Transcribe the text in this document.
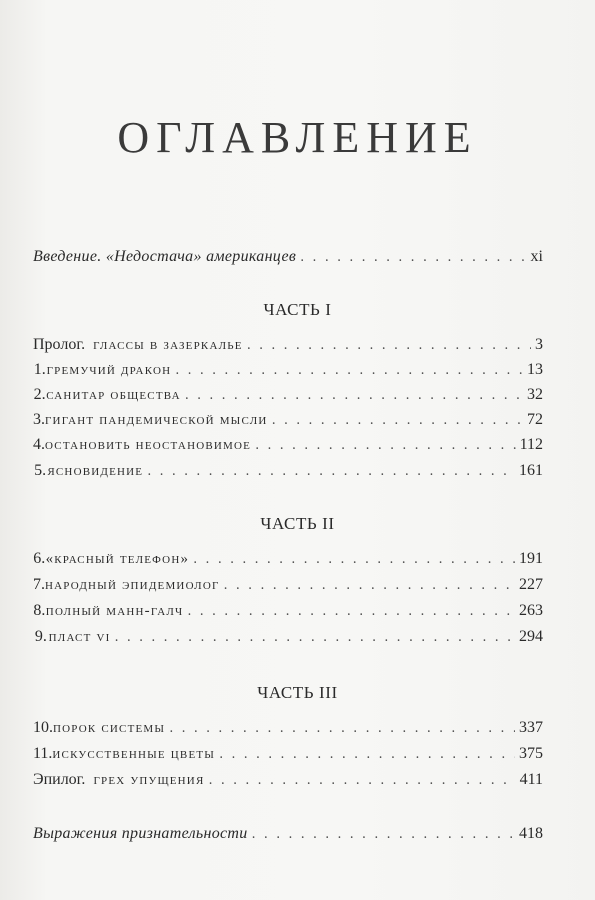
ОГЛАВЛЕНИЕ
Введение. «Недостача» американцев . . .	xi
ЧАСТЬ I
Пролог. глассы в зазеркалье . . .	3
1. гремучий дракон . . .	13
2. санитар общества . . .	32
3. гигант пандемической мысли . . .	72
4. остановить неостановимое . . .	112
5. ясновидение . . .	161
ЧАСТЬ II
6. «красный телефон» . . .	191
7. народный эпидемиолог . . .	227
8. полный манн-галч . . .	263
9. пласт vi . . .	294
ЧАСТЬ III
10. порок системы . . .	337
11. искусственные цветы . . .	375
Эпилог. грех упущения . . .	411
Выражения признательности . . .	418
